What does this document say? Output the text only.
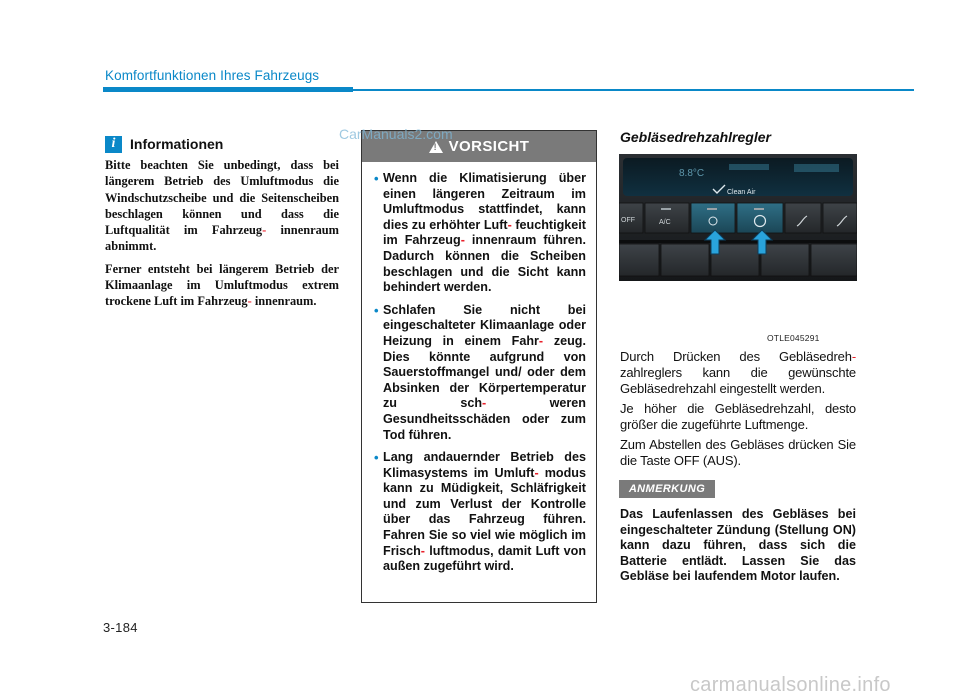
Komfortfunktionen Ihres Fahrzeugs
i	Informationen

Bitte beachten Sie unbedingt, dass bei längerem Betrieb des Umluftmodus die Windschutzscheibe und die Seitenscheiben beschlagen können und dass die Luftqualität im Fahrzeug- innenraum abnimmt.

Ferner entsteht bei längerem Betrieb der Klimaanlage im Umluftmodus extrem trockene Luft im Fahrzeug- innenraum.

!
VORSICHT
• Wenn die Klimatisierung über einen längeren Zeitraum im Umluftmodus stattfindet, kann dies zu erhöhter Luft- feuchtigkeit im Fahrzeug- innenraum führen. Dadurch können die Scheiben beschlagen und die Sicht kann behindert werden.
• Schlafen Sie nicht bei eingeschalteter Klimaanlage oder Heizung in einem Fahr- zeug. Dies könnte aufgrund von Sauerstoffmangel und/ oder dem Absinken der Körpertemperatur zu sch-	weren Gesundheitsschäden oder zum Tod führen.
• Lang andauernder Betrieb des Klimasystems im Umluft- modus kann zu Müdigkeit, Schläfrigkeit und zum Verlust der Kontrolle über das Fahrzeug führen. Fahren Sie so viel wie möglich im Frisch- luftmodus, damit Luft von außen zugeführt wird.
CarManuals2.com	Gebläsedrehzahlregler
8.8°C
Clean Air
OFF	A/C
OTLE045291

Durch Drücken des Gebläsedreh- zahlreglers kann die gewünschte Gebläsedrehzahl eingestellt werden.

Je höher die Gebläsedrehzahl, desto größer die zugeführte Luftmenge.

Zum Abstellen des Gebläses drücken Sie die Taste OFF (AUS).

ANMERKUNG
Das Laufenlassen des Gebläses bei eingeschalteter Zündung (Stellung ON) kann dazu führen, dass sich die Batterie entlädt. Lassen Sie das Gebläse bei laufendem Motor laufen.
3-184
carmanualsonline.info
